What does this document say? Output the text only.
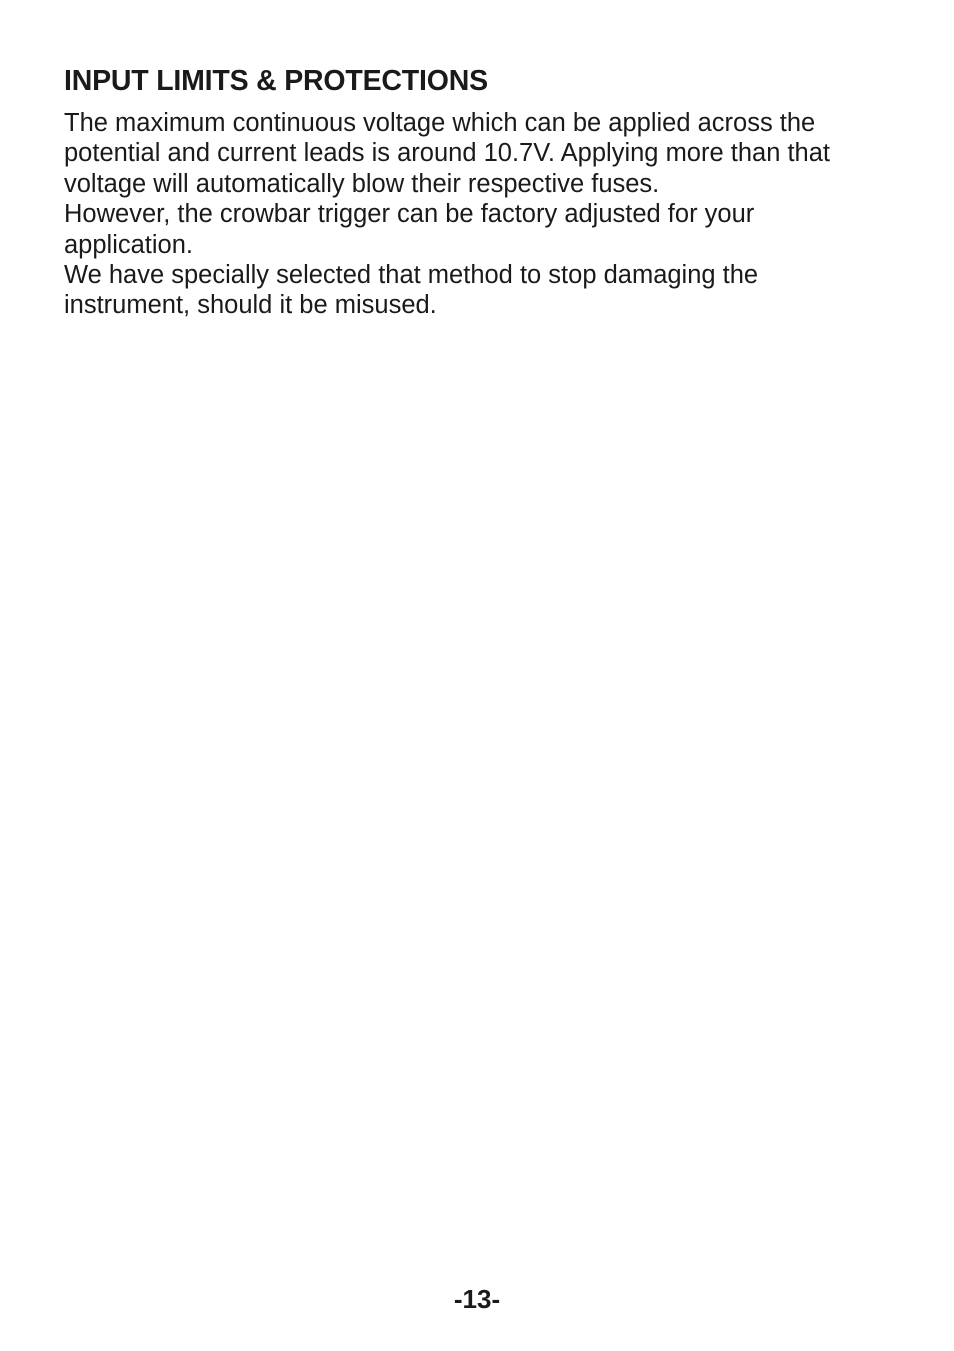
INPUT LIMITS & PROTECTIONS

The maximum continuous voltage which can be applied across the
potential and current leads is around 10.7V. Applying more than that
voltage will automatically blow their respective fuses.

However, the crowbar trigger can be factory adjusted for your
application.

We have specially selected that method to stop damaging the
instrument, should it be misused.

-13-
